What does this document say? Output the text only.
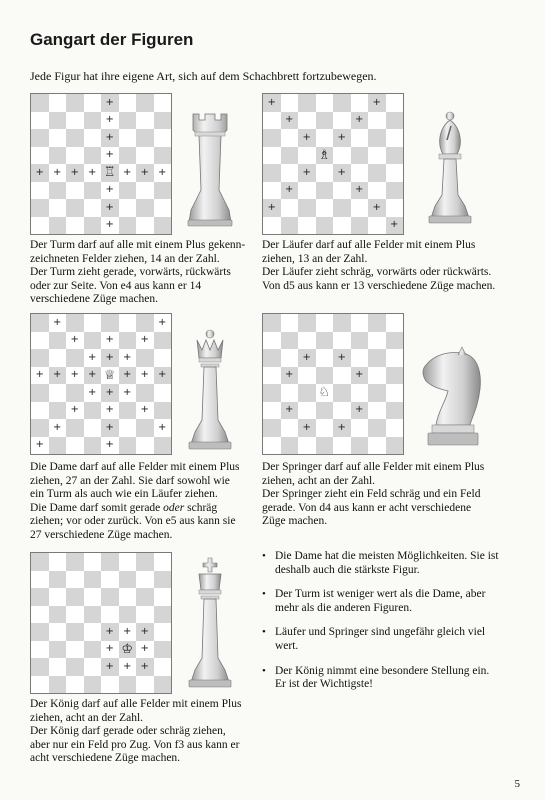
Gangart der Figuren
Jede Figur hat ihre eigene Art, sich auf dem Schachbrett fortzubewegen.
+
+
+
+
+ + + + ♖ + + +
+
+
+

Der Turm darf auf alle mit einem Plus gekenn-

zeichneten Felder ziehen, 14 an der Zahl.

Der Turm zieht gerade, vorwärts, rückwärts

oder zur Seite. Von e4 aus kann er 14

verschiedene Züge machen.

+	+
+	+
+	+
♗
+	+
+	+
+	+
+

Der Läufer darf auf alle Felder mit einem Plus

ziehen, 13 an der Zahl.

Der Läufer zieht schräg, vorwärts oder rückwärts.

Von d5 aus kann er 13 verschiedene Züge machen.

+	+
+	+	+
+ + +
+ + + + ♕ + + +
+ + +
+	+	+
+	+	+
+	+

Die Dame darf auf alle Felder mit einem Plus

ziehen, 27 an der Zahl. Sie darf sowohl wie

ein Turm als auch wie ein Läufer ziehen.

Die Dame darf somit gerade oder schräg

ziehen; vor oder zurück. Von e5 aus kann sie

27 verschiedene Züge machen.

+	+
+	+
♘
+	+
+	+

Der Springer darf auf alle Felder mit einem Plus

ziehen, acht an der Zahl.

Der Springer zieht ein Feld schräg und ein Feld

gerade. Von d4 aus kann er acht verschiedene

Züge machen.

+ + +
+ ♔ +
+ + +

Der König darf auf alle Felder mit einem Plus

ziehen, acht an der Zahl.

Der König darf gerade oder schräg ziehen,

aber nur ein Feld pro Zug. Von f3 aus kann er

acht verschiedene Züge machen.

• Die Dame hat die meisten Möglichkeiten. Sie ist
deshalb auch die stärkste Figur.
• Der Turm ist weniger wert als die Dame, aber
mehr als die anderen Figuren.
• Läufer und Springer sind ungefähr gleich viel
wert.
• Der König nimmt eine besondere Stellung ein.
Er ist der Wichtigste!
5
